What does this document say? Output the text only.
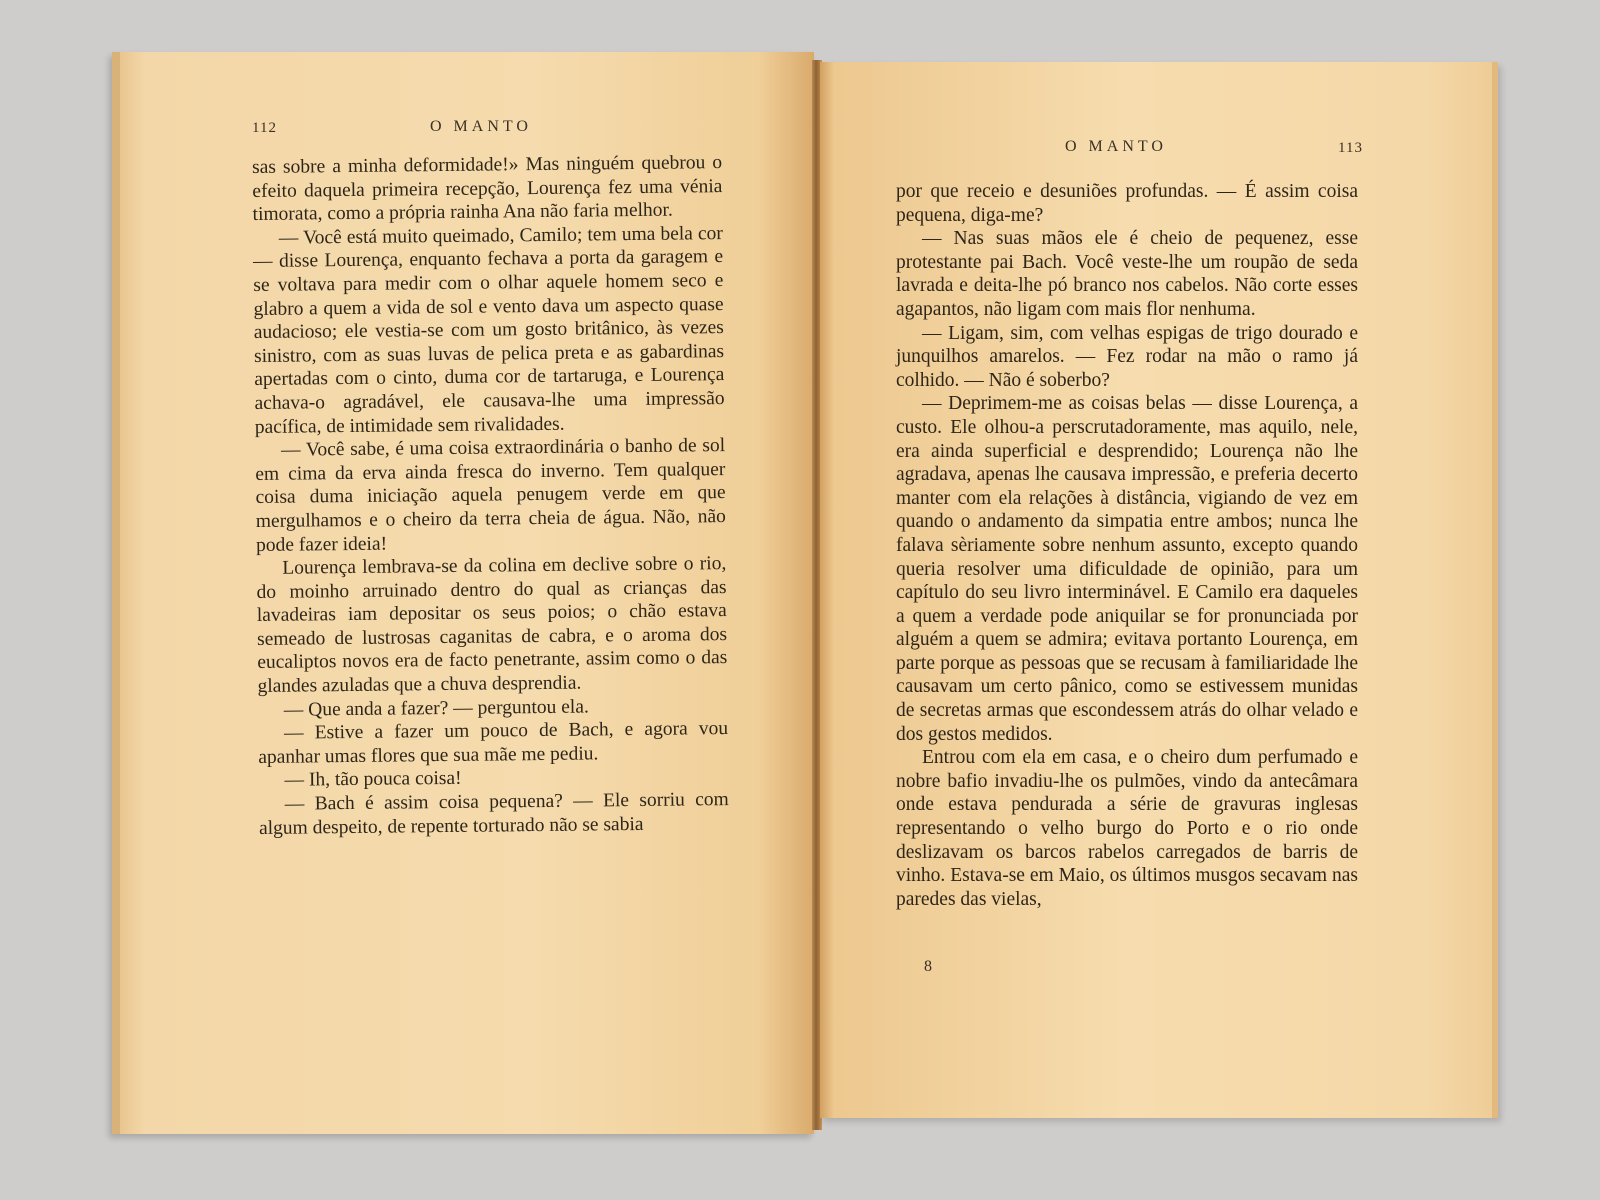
112	O MANTO

sas sobre a minha deformidade!» Mas ninguém quebrou o efeito daquela primeira recepção, Lourença fez uma vénia timorata, como a própria rainha Ana não faria melhor.

— Você está muito queimado, Camilo; tem uma bela cor — disse Lourença, enquanto fechava a porta da garagem e se voltava para medir com o olhar aquele homem seco e glabro a quem a vida de sol e vento dava um aspecto quase audacioso; ele vestia-se com um gosto britânico, às vezes sinistro, com as suas luvas de pelica preta e as gabardinas apertadas com o cinto, duma cor de tartaruga, e Lourença achava-o agradável, ele causava-lhe uma impressão pacífica, de intimidade sem rivalidades.

— Você sabe, é uma coisa extraordinária o banho de sol em cima da erva ainda fresca do inverno. Tem qualquer coisa duma iniciação aquela penugem verde em que mergulhamos e o cheiro da terra cheia de água. Não, não pode fazer ideia!

Lourença lembrava-se da colina em declive sobre o rio, do moinho arruinado dentro do qual as crianças das lavadeiras iam depositar os seus poios; o chão estava semeado de lustrosas caganitas de cabra, e o aroma dos eucaliptos novos era de facto penetrante, assim como o das glandes azuladas que a chuva desprendia.

— Que anda a fazer? — perguntou ela.

— Estive a fazer um pouco de Bach, e agora vou apanhar umas flores que sua mãe me pediu.

— Ih, tão pouca coisa!

— Bach é assim coisa pequena? — Ele sorriu com algum despeito, de repente torturado não se sabia

O MANTO	113

por que receio e desuniões profundas. — É assim coisa pequena, diga-me?

— Nas suas mãos ele é cheio de pequenez, esse protestante pai Bach. Você veste-lhe um roupão de seda lavrada e deita-lhe pó branco nos cabelos. Não corte esses agapantos, não ligam com mais flor nenhuma.

— Ligam, sim, com velhas espigas de trigo dourado e junquilhos amarelos. — Fez rodar na mão o ramo já colhido. — Não é soberbo?

— Deprimem-me as coisas belas — disse Lourença, a custo. Ele olhou-a perscrutadoramente, mas aquilo, nele, era ainda superficial e desprendido; Lourença não lhe agradava, apenas lhe causava impressão, e preferia decerto manter com ela relações à distância, vigiando de vez em quando o andamento da simpatia entre ambos; nunca lhe falava sèriamente sobre nenhum assunto, excepto quando queria resolver uma dificuldade de opinião, para um capítulo do seu livro interminável. E Camilo era daqueles a quem a verdade pode aniquilar se for pronunciada por alguém a quem se admira; evitava portanto Lourença, em parte porque as pessoas que se recusam à familiaridade lhe causavam um certo pânico, como se estivessem munidas de secretas armas que escondessem atrás do olhar velado e dos gestos medidos.

Entrou com ela em casa, e o cheiro dum perfumado e nobre bafio invadiu-lhe os pulmões, vindo da antecâmara onde estava pendurada a série de gravuras inglesas representando o velho burgo do Porto e o rio onde deslizavam os barcos rabelos carregados de barris de vinho. Estava-se em Maio, os últimos musgos secavam nas paredes das vielas,

8
